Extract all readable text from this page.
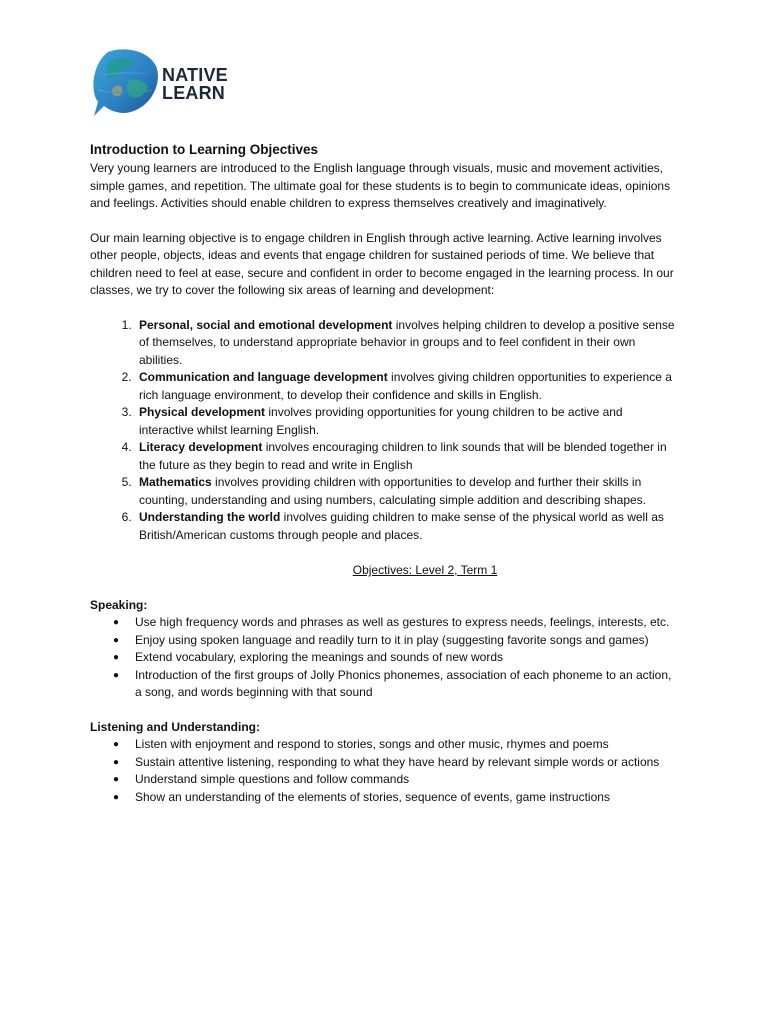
NATIVE
LEARN
Introduction to Learning Objectives

Very young learners are introduced to the English language through visuals, music and movement activities, simple games, and repetition. The ultimate goal for these students is to begin to communicate ideas, opinions and feelings. Activities should enable children to express themselves creatively and imaginatively.

Our main learning objective is to engage children in English through active learning. Active learning involves other people, objects, ideas and events that engage children for sustained periods of time. We believe that children need to feel at ease, secure and confident in order to become engaged in the learning process. In our classes, we try to cover the following six areas of learning and development:

1. Personal, social and emotional development involves helping children to develop a positive sense of themselves, to understand appropriate behavior in groups and to feel confident in their own abilities.
2. Communication and language development involves giving children opportunities to experience a rich language environment, to develop their confidence and skills in English.
3. Physical development involves providing opportunities for young children to be active and interactive whilst learning English.
4. Literacy development involves encouraging children to link sounds that will be blended together in the future as they begin to read and write in English
5. Mathematics involves providing children with opportunities to develop and further their skills in counting, understanding and using numbers, calculating simple addition and describing shapes.
6. Understanding the world involves guiding children to make sense of the physical world as well as British/American customs through people and places.
Objectives: Level 2, Term 1
Speaking:
● Use high frequency words and phrases as well as gestures to express needs, feelings, interests, etc.
● Enjoy using spoken language and readily turn to it in play (suggesting favorite songs and games)
● Extend vocabulary, exploring the meanings and sounds of new words
● Introduction of the first groups of Jolly Phonics phonemes, association of each phoneme to an action, a song, and words beginning with that sound
Listening and Understanding:
● Listen with enjoyment and respond to stories, songs and other music, rhymes and poems
● Sustain attentive listening, responding to what they have heard by relevant simple words or actions
● Understand simple questions and follow commands
● Show an understanding of the elements of stories, sequence of events, game instructions
